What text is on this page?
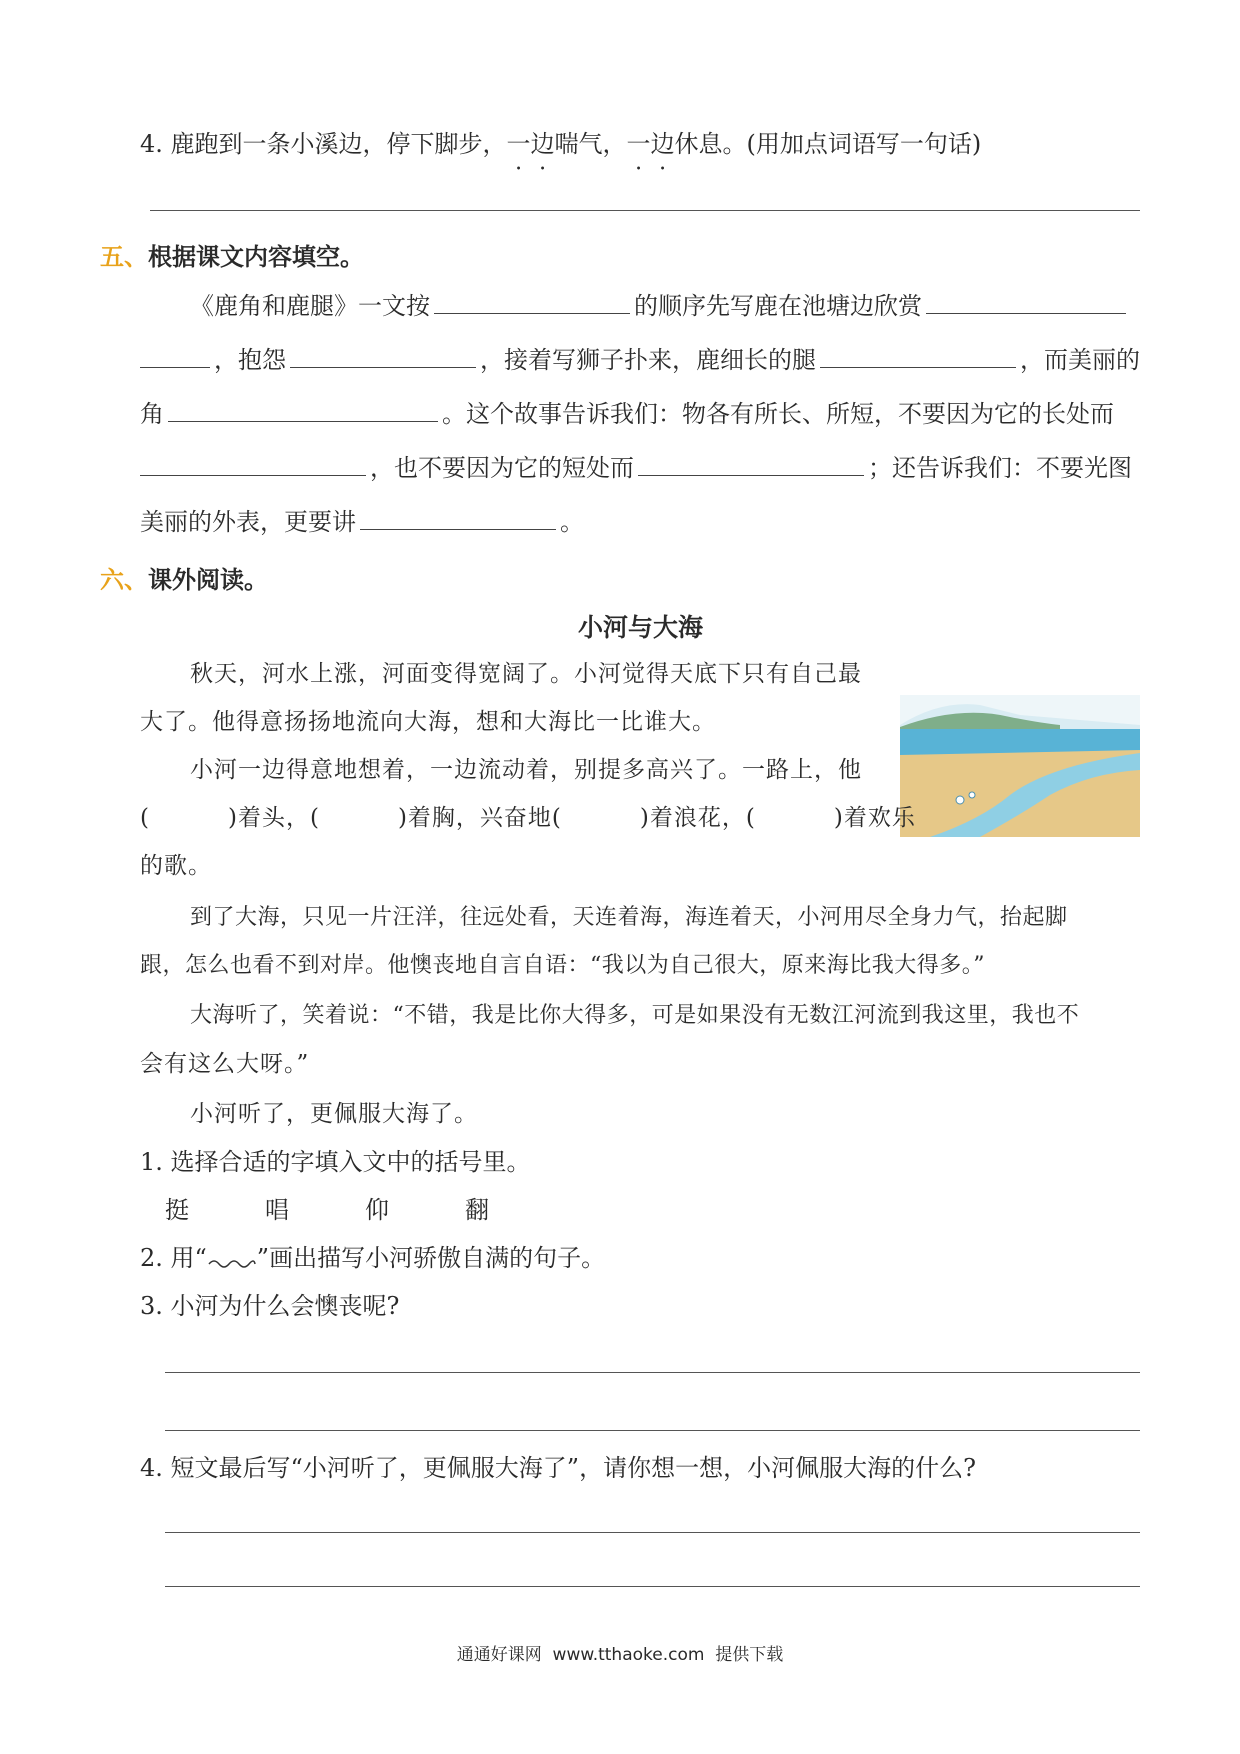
4. 鹿跑到一条小溪边，停下脚步，一边喘气，一边休息。(用加点词语写一句话)
五、根据课文内容填空。
《鹿角和鹿腿》一文按	的顺序先写鹿在池塘边欣赏
，抱怨	，接着写狮子扑来，鹿细长的腿	，而美丽的
角	。这个故事告诉我们：物各有所长、所短，不要因为它的长处而
，也不要因为它的短处而	；还告诉我们：不要光图
美丽的外表，更要讲	。
六、课外阅读。
小河与大海
秋天，河水上涨，河面变得宽阔了。小河觉得天底下只有自己最
大了。他得意扬扬地流向大海，想和大海比一比谁大。
小河一边得意地想着，一边流动着，别提多高兴了。一路上，他
(	)着头，(	)着胸，兴奋地(	)着浪花，(	)着欢乐
的歌。
到了大海，只见一片汪洋，往远处看，天连着海，海连着天，小河用尽全身力气，抬起脚
跟，怎么也看不到对岸。他懊丧地自言自语：“我以为自己很大，原来海比我大得多。”
大海听了，笑着说：“不错，我是比你大得多，可是如果没有无数江河流到我这里，我也不
会有这么大呀。”
小河听了，更佩服大海了。
1. 选择合适的字填入文中的括号里。
挺	唱	仰	翻
2. 用“ ”画出描写小河骄傲自满的句子。
3. 小河为什么会懊丧呢?
4. 短文最后写“小河听了，更佩服大海了”，请你想一想，小河佩服大海的什么?
通通好课网  www.tthaoke.com  提供下载
